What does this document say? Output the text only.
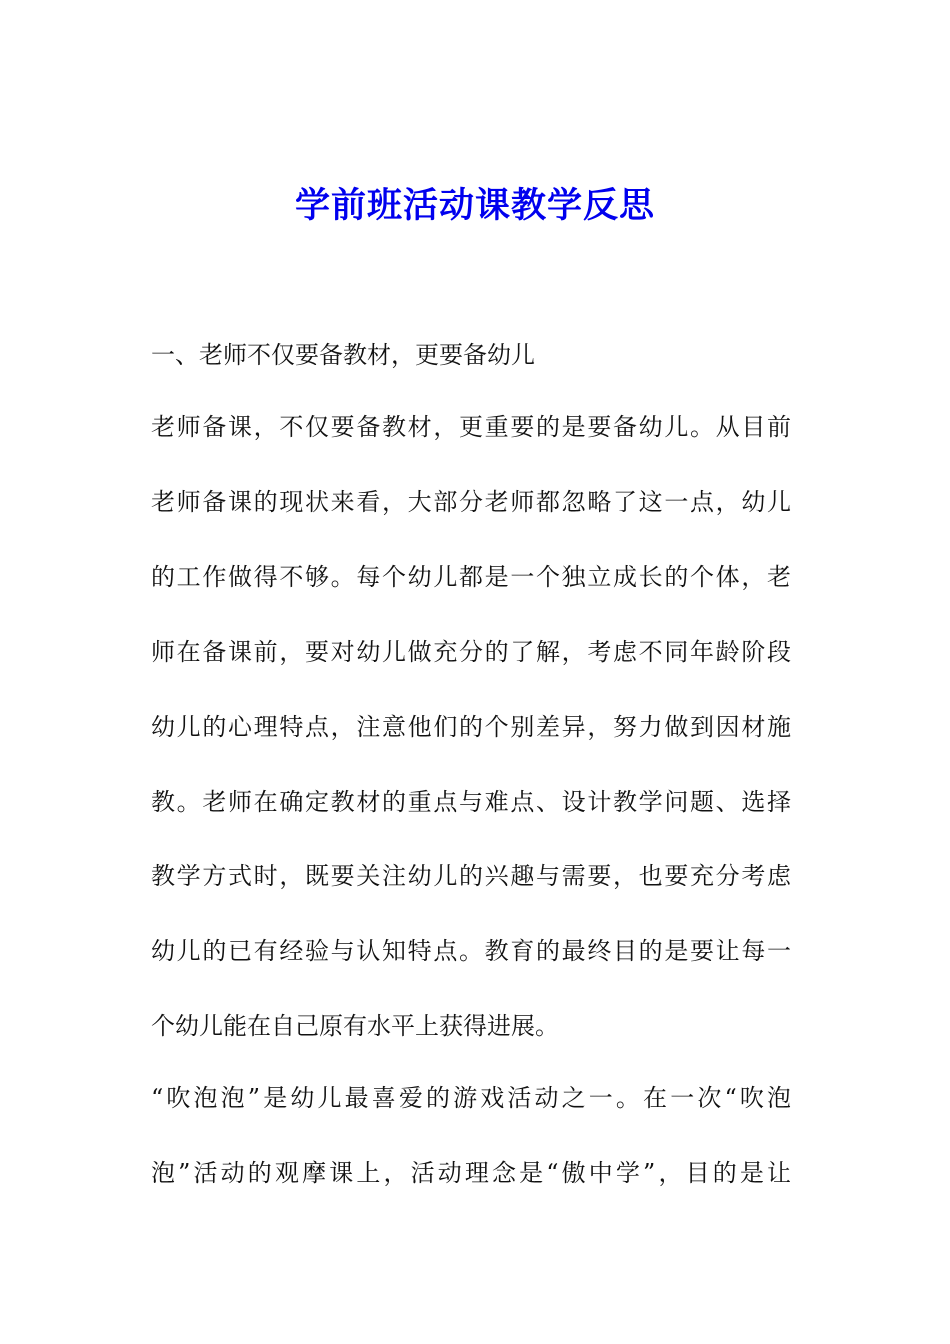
学前班活动课教学反思

一、老师不仅要备教材，更要备幼儿

老师备课，不仅要备教材，更重要的是要备幼儿。从目前

老师备课的现状来看，大部分老师都忽略了这一点，幼儿

的工作做得不够。每个幼儿都是一个独立成长的个体，老

师在备课前，要对幼儿做充分的了解，考虑不同年龄阶段

幼儿的心理特点，注意他们的个别差异，努力做到因材施

教。老师在确定教材的重点与难点、设计教学问题、选择

教学方式时，既要关注幼儿的兴趣与需要，也要充分考虑

幼儿的已有经验与认知特点。教育的最终目的是要让每一

个幼儿能在自己原有水平上获得进展。

“吹泡泡”是幼儿最喜爱的游戏活动之一。在一次“吹泡

泡”活动的观摩课上，活动理念是“傲中学”，目的是让
